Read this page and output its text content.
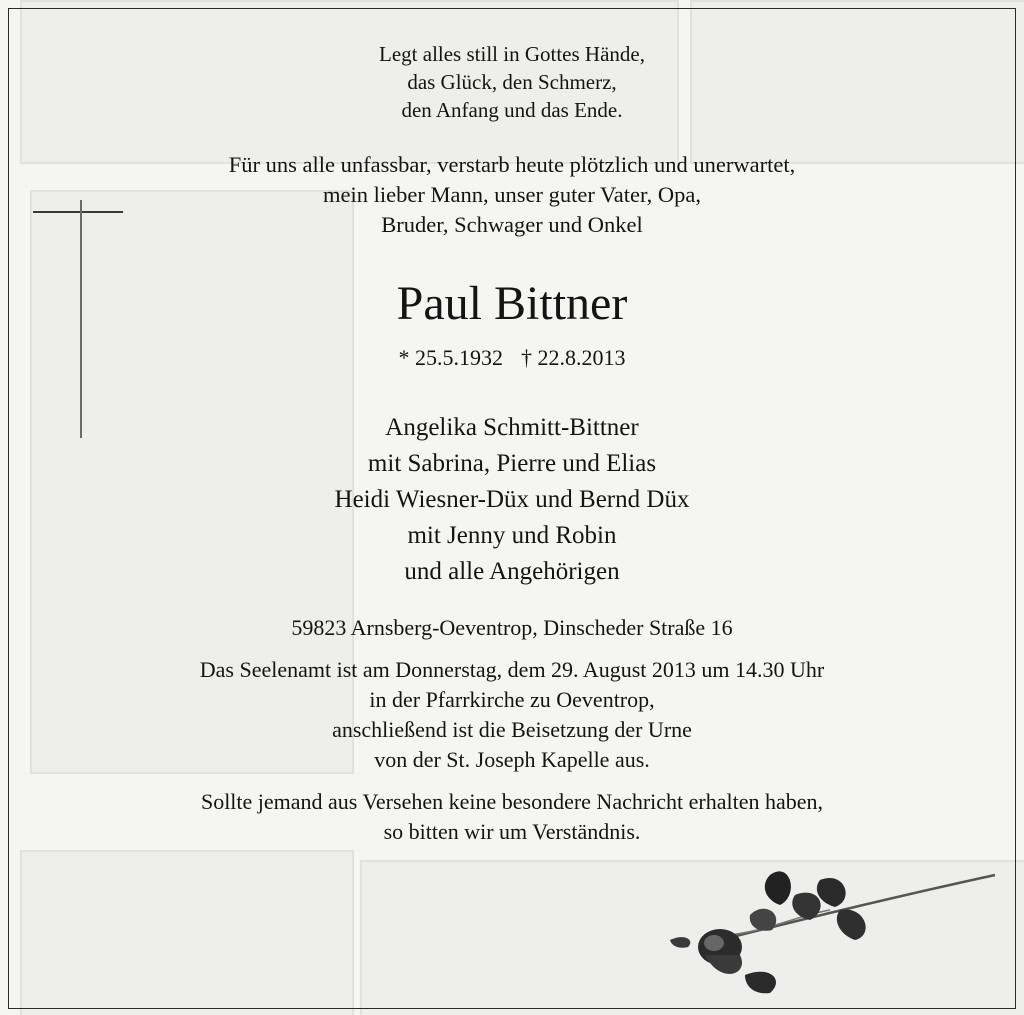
Legt alles still in Gottes Hände,
das Glück, den Schmerz,
den Anfang und das Ende.
Für uns alle unfassbar, verstarb heute plötzlich und unerwartet,
mein lieber Mann, unser guter Vater, Opa,
Bruder, Schwager und Onkel
Paul Bittner
* 25.5.1932 † 22.8.2013
Angelika Schmitt-Bittner
mit Sabrina, Pierre und Elias
Heidi Wiesner-Düx und Bernd Düx
mit Jenny und Robin
und alle Angehörigen
59823 Arnsberg-Oeventrop, Dinscheder Straße 16
Das Seelenamt ist am Donnerstag, dem 29. August 2013 um 14.30 Uhr
in der Pfarrkirche zu Oeventrop,
anschließend ist die Beisetzung der Urne
von der St. Joseph Kapelle aus.
Sollte jemand aus Versehen keine besondere Nachricht erhalten haben,
so bitten wir um Verständnis.
